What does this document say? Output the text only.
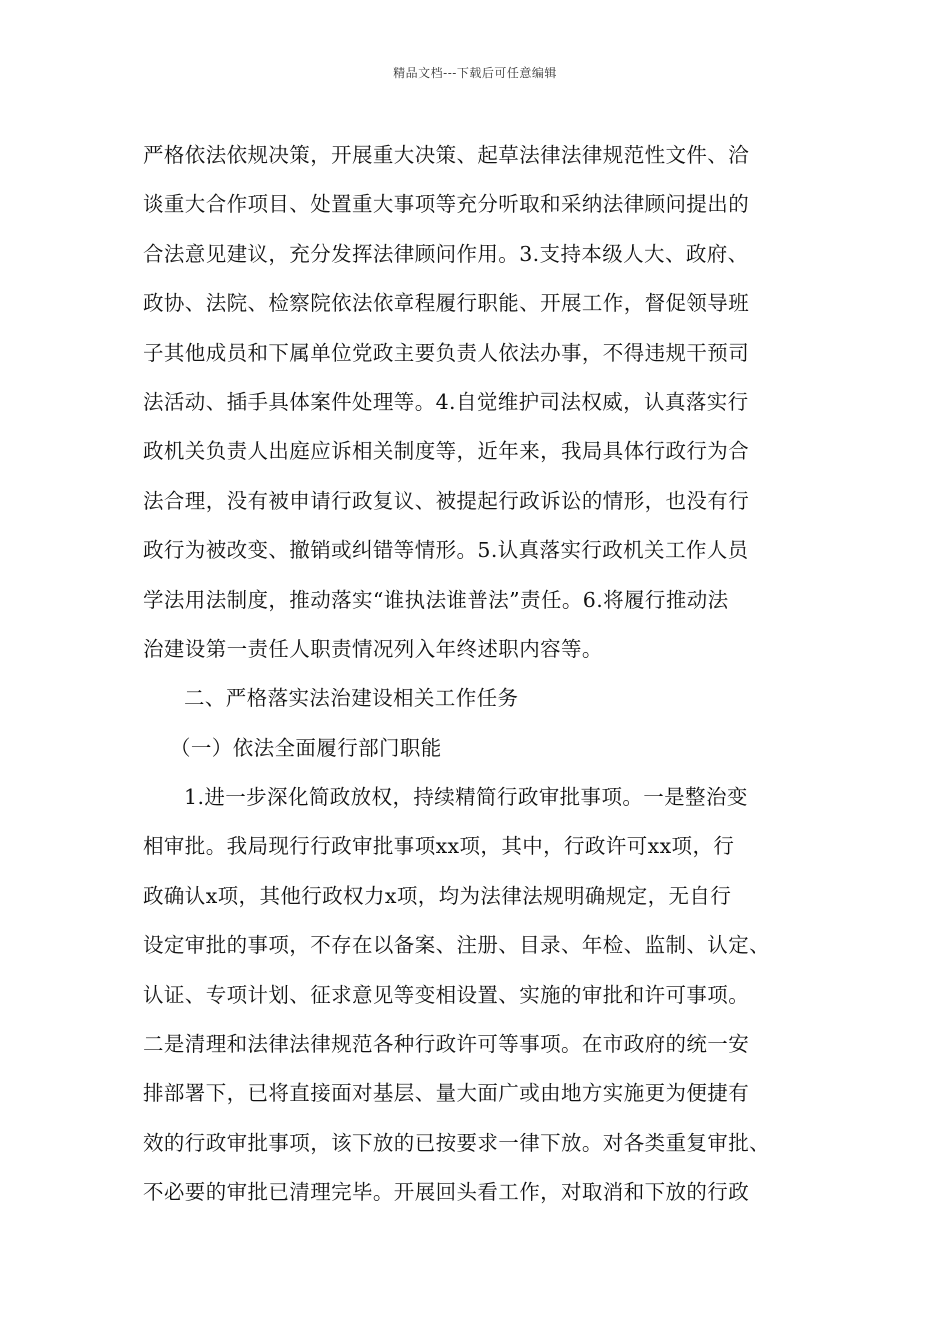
精品文档---下载后可任意编辑
严格依法依规决策，开展重大决策、起草法律法律规范性文件、洽
谈重大合作项目、处置重大事项等充分听取和采纳法律顾问提出的
合法意见建议，充分发挥法律顾问作用。3.支持本级人大、政府、
政协、法院、检察院依法依章程履行职能、开展工作，督促领导班
子其他成员和下属单位党政主要负责人依法办事，不得违规干预司
法活动、插手具体案件处理等。4.自觉维护司法权威，认真落实行
政机关负责人出庭应诉相关制度等，近年来，我局具体行政行为合
法合理，没有被申请行政复议、被提起行政诉讼的情形，也没有行
政行为被改变、撤销或纠错等情形。5.认真落实行政机关工作人员
学法用法制度，推动落实“谁执法谁普法”责任。6.将履行推动法
治建设第一责任人职责情况列入年终述职内容等。
二、严格落实法治建设相关工作任务
（一）依法全面履行部门职能
1.进一步深化简政放权，持续精简行政审批事项。一是整治变
相审批。我局现行行政审批事项xx项，其中，行政许可xx项，行
政确认x项，其他行政权力x项，均为法律法规明确规定，无自行
设定审批的事项，不存在以备案、注册、目录、年检、监制、认定、
认证、专项计划、征求意见等变相设置、实施的审批和许可事项。
二是清理和法律法律规范各种行政许可等事项。在市政府的统一安
排部署下，已将直接面对基层、量大面广或由地方实施更为便捷有
效的行政审批事项，该下放的已按要求一律下放。对各类重复审批、
不必要的审批已清理完毕。开展回头看工作，对取消和下放的行政
